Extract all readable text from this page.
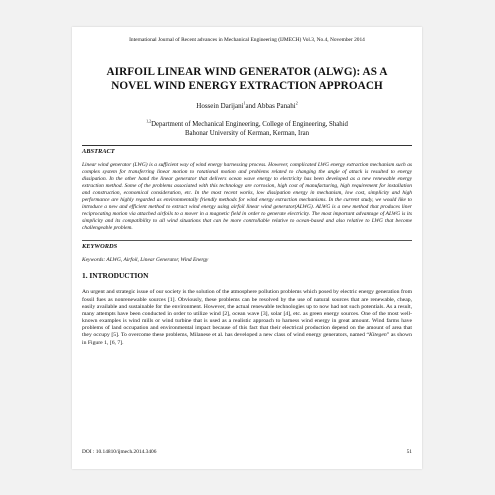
International Journal of Recent advances in Mechanical Engineering (IJMECH) Vol.3, No.4, November 2014
AIRFOIL LINEAR WIND GENERATOR (ALWG): AS A
NOVEL WIND ENERGY EXTRACTION APPROACH
Hossein Darijani$^1$and Abbas Panahi$^2$
$^{1,2}$Department of Mechanical Engineering, College of Engineering, Shahid
Bahonar University of Kerman, Kerman, Iran
ABSTRACT
Linear wind generator (LWG) is a sufficient way of wind energy harnessing process. However, complicated LWG energy extraction mechanism such as complex system for transferring linear motion to rotational motion and problems related to changing the angle of attack is resulted to energy dissipation. In the other hand the linear generator that delivers ocean wave energy to electricity has been developed as a new renewable energy extraction method. Some of the problems associated with this technology are corrosion, high cost of manufacturing, high requirement for installation and construction, economical consideration, etc. In the most recent works, low dissipation energy in mechanism, low cost, simplicity and high performance are highly regarded as environmentally friendly methods for wind energy extraction mechanisms. In the current study, we would like to introduce a new and efficient method to extract wind energy using airfoil linear wind generator(ALWG). ALWG is a new method that produces liner reciprocating motion via attached airfoils to a mover in a magnetic field in order to generate electricity. The most important advantage of ALWG is its simplicity and its compatibility to all wind situations that can be more controllable relative to ocean-based and also relative to LWG that become challengeable problem.
KEYWORDS
Keywords: ALWG, Airfoil, Linear Generator, Wind Energy
1. INTRODUCTION
An urgent and strategic issue of our society is the solution of the atmosphere pollution problems which posed by electric energy generation from fossil fues as nonrenewable sources [1]. Obviously, these problems can be resolved by the use of natural sources that are renewable, cheap, easily available and sustainable for the environment. However, the actual renewable technologies up to now had not such potentials. As a result, many attempts have been conducted in order to utilize wind [2], ocean wave [3], solar [4], etc. as green energy sources. One of the most well-known examples is wind mills or wind turbine that is used as a realistic approach to harness wind energy in great amount. Wind farms have problems of land occupation and environmental impact because of this fact that their electrical production depend on the amount of area that they occupy [5]. To overcome these problems, Milanese et al. has developed a new class of wind energy generators, named “Kitegen” as shown in Figure 1, [6, 7].
DOI : 10.14810/ijmech.2014.3406	51
